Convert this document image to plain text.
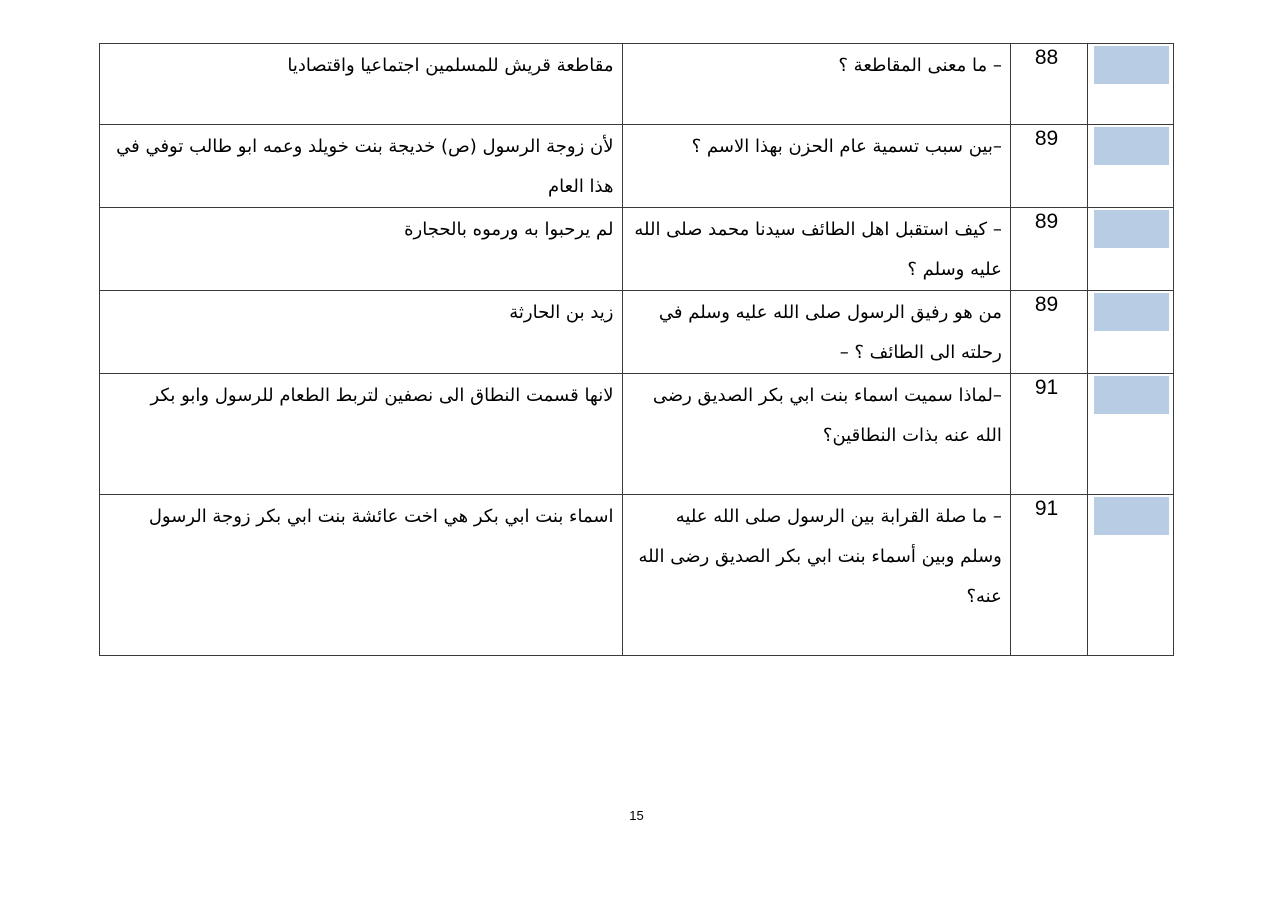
	88	– ما معنى المقاطعة ؟	مقاطعة قريش للمسلمين اجتماعيا واقتصاديا

	89	–بين سبب تسمية عام الحزن بهذا الاسم ؟	لأن زوجة الرسول (ص) خديجة بنت خويلد وعمه ابو طالب توفي في هذا العام

	89	– كيف استقبل اهل الطائف سيدنا محمد صلى الله عليه وسلم ؟	لم يرحبوا به ورموه بالحجارة

	89	من هو رفيق الرسول صلى الله عليه وسلم في رحلته الى الطائف ؟ –	زيد بن الحارثة

	91	–لماذا سميت اسماء بنت ابي بكر الصديق رضى الله عنه بذات النطاقين؟	لانها قسمت النطاق الى نصفين لتربط الطعام للرسول وابو بكر

	91	– ما صلة القرابة بين الرسول صلى الله عليه وسلم وبين أسماء بنت ابي بكر الصديق رضى الله عنه؟	اسماء بنت ابي بكر هي اخت عائشة بنت ابي بكر زوجة الرسول
15
